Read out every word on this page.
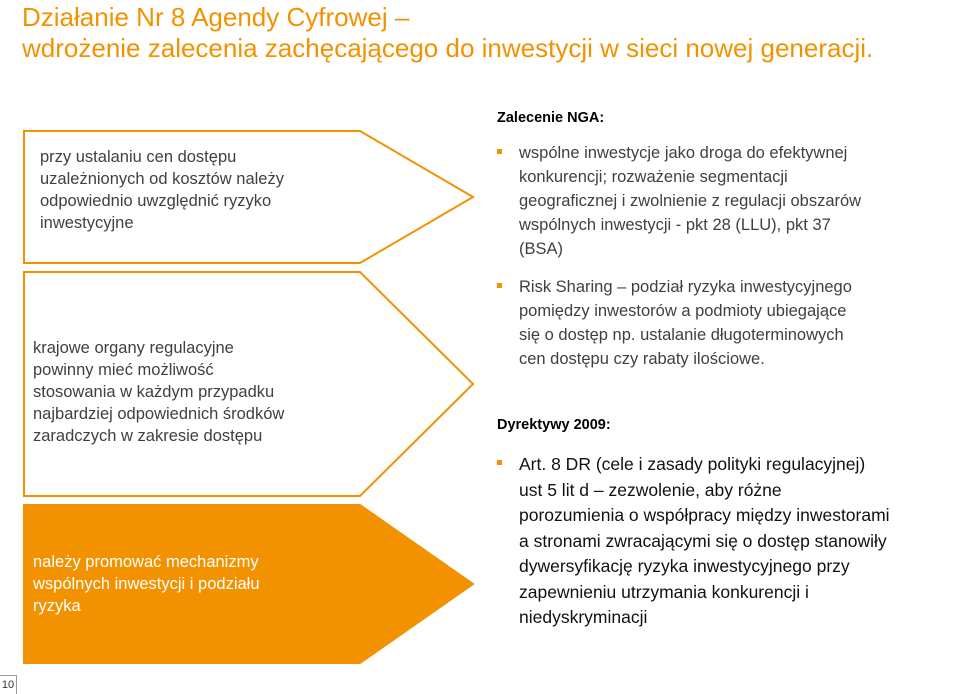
Działanie Nr 8 Agendy Cyfrowej –
wdrożenie zalecenia zachęcającego do inwestycji w sieci nowej generacji.
przy ustalaniu cen dostępu
uzależnionych od kosztów należy
odpowiednio uwzględnić ryzyko
inwestycyjne
krajowe organy regulacyjne
powinny mieć możliwość
stosowania w każdym przypadku
najbardziej odpowiednich środków
zaradczych w zakresie dostępu
należy promować mechanizmy
wspólnych inwestycji i podziału
ryzyka
Zalecenie NGA:
wspólne inwestycje jako droga do efektywnej
konkurencji; rozważenie segmentacji
geograficznej i zwolnienie z regulacji obszarów
wspólnych inwestycji - pkt 28 (LLU), pkt 37
(BSA)
Risk Sharing – podział ryzyka inwestycyjnego
pomiędzy inwestorów a podmioty ubiegające
się o dostęp np. ustalanie długoterminowych
cen dostępu czy rabaty ilościowe.
Dyrektywy 2009:
Art. 8 DR (cele i zasady polityki regulacyjnej)
ust 5 lit d – zezwolenie, aby różne
porozumienia o współpracy między inwestorami
a stronami zwracającymi się o dostęp stanowiły
dywersyfikację ryzyka inwestycyjnego przy
zapewnieniu utrzymania konkurencji i
niedyskryminacji
10
